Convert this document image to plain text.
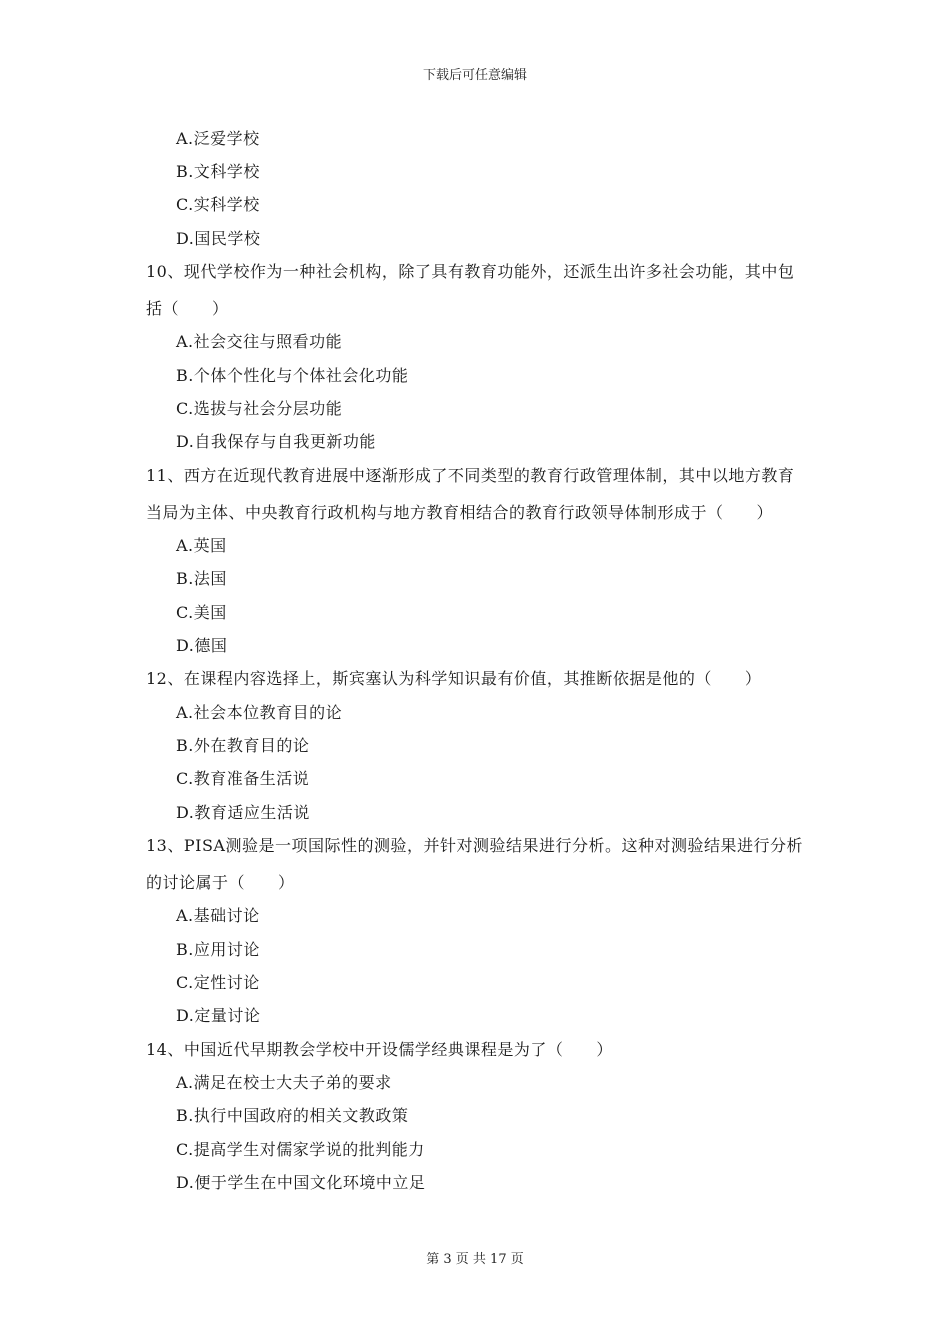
下载后可任意编辑
A.泛爱学校
B.文科学校
C.实科学校
D.国民学校
10、现代学校作为一种社会机构，除了具有教育功能外，还派生出许多社会功能，其中包
括（　　）
A.社会交往与照看功能
B.个体个性化与个体社会化功能
C.选拔与社会分层功能
D.自我保存与自我更新功能
11、西方在近现代教育进展中逐渐形成了不同类型的教育行政管理体制，其中以地方教育
当局为主体、中央教育行政机构与地方教育相结合的教育行政领导体制形成于（　　）
A.英国
B.法国
C.美国
D.德国
12、在课程内容选择上，斯宾塞认为科学知识最有价值，其推断依据是他的（　　）
A.社会本位教育目的论
B.外在教育目的论
C.教育准备生活说
D.教育适应生活说
13、PISA测验是一项国际性的测验，并针对测验结果进行分析。这种对测验结果进行分析
的讨论属于（　　）
A.基础讨论
B.应用讨论
C.定性讨论
D.定量讨论
14、中国近代早期教会学校中开设儒学经典课程是为了（　　）
A.满足在校士大夫子弟的要求
B.执行中国政府的相关文教政策
C.提高学生对儒家学说的批判能力
D.便于学生在中国文化环境中立足
第 3 页 共 17 页
